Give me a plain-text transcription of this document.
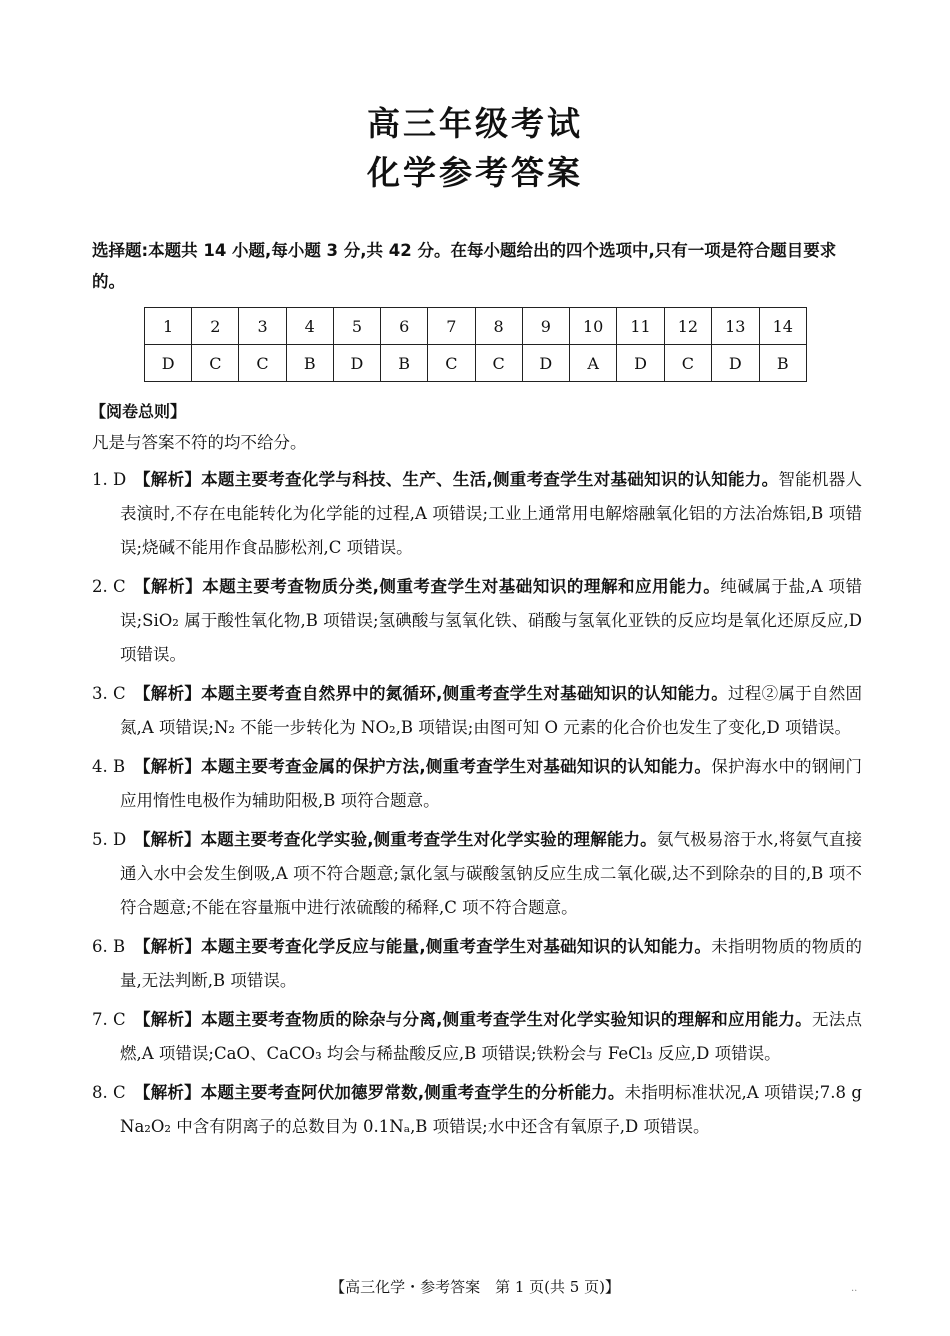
高三年级考试
化学参考答案
选择题:本题共 14 小题,每小题 3 分,共 42 分。在每小题给出的四个选项中,只有一项是符合题目要求的。
1	2	3	4	5	6	7	8	9	10	11	12	13	14
D	C	C	B	D	B	C	C	D	A	D	C	D	B
【阅卷总则】
凡是与答案不符的均不给分。
1. D 【解析】本题主要考查化学与科技、生产、生活,侧重考查学生对基础知识的认知能力。智能机器人表演时,不存在电能转化为化学能的过程,A 项错误;工业上通常用电解熔融氧化铝的方法冶炼铝,B 项错误;烧碱不能用作食品膨松剂,C 项错误。
2. C 【解析】本题主要考查物质分类,侧重考查学生对基础知识的理解和应用能力。纯碱属于盐,A 项错误;SiO₂ 属于酸性氧化物,B 项错误;氢碘酸与氢氧化铁、硝酸与氢氧化亚铁的反应均是氧化还原反应,D 项错误。
3. C 【解析】本题主要考查自然界中的氮循环,侧重考查学生对基础知识的认知能力。过程②属于自然固氮,A 项错误;N₂ 不能一步转化为 NO₂,B 项错误;由图可知 O 元素的化合价也发生了变化,D 项错误。
4. B 【解析】本题主要考查金属的保护方法,侧重考查学生对基础知识的认知能力。保护海水中的钢闸门应用惰性电极作为辅助阳极,B 项符合题意。
5. D 【解析】本题主要考查化学实验,侧重考查学生对化学实验的理解能力。氨气极易溶于水,将氨气直接通入水中会发生倒吸,A 项不符合题意;氯化氢与碳酸氢钠反应生成二氧化碳,达不到除杂的目的,B 项不符合题意;不能在容量瓶中进行浓硫酸的稀释,C 项不符合题意。
6. B 【解析】本题主要考查化学反应与能量,侧重考查学生对基础知识的认知能力。未指明物质的物质的量,无法判断,B 项错误。
7. C 【解析】本题主要考查物质的除杂与分离,侧重考查学生对化学实验知识的理解和应用能力。无法点燃,A 项错误;CaO、CaCO₃ 均会与稀盐酸反应,B 项错误;铁粉会与 FeCl₃ 反应,D 项错误。
8. C 【解析】本题主要考查阿伏加德罗常数,侧重考查学生的分析能力。未指明标准状况,A 项错误;7.8 g Na₂O₂ 中含有阴离子的总数目为 0.1Nₐ,B 项错误;水中还含有氧原子,D 项错误。
【高三化学・参考答案　第 1 页(共 5 页)】	..
